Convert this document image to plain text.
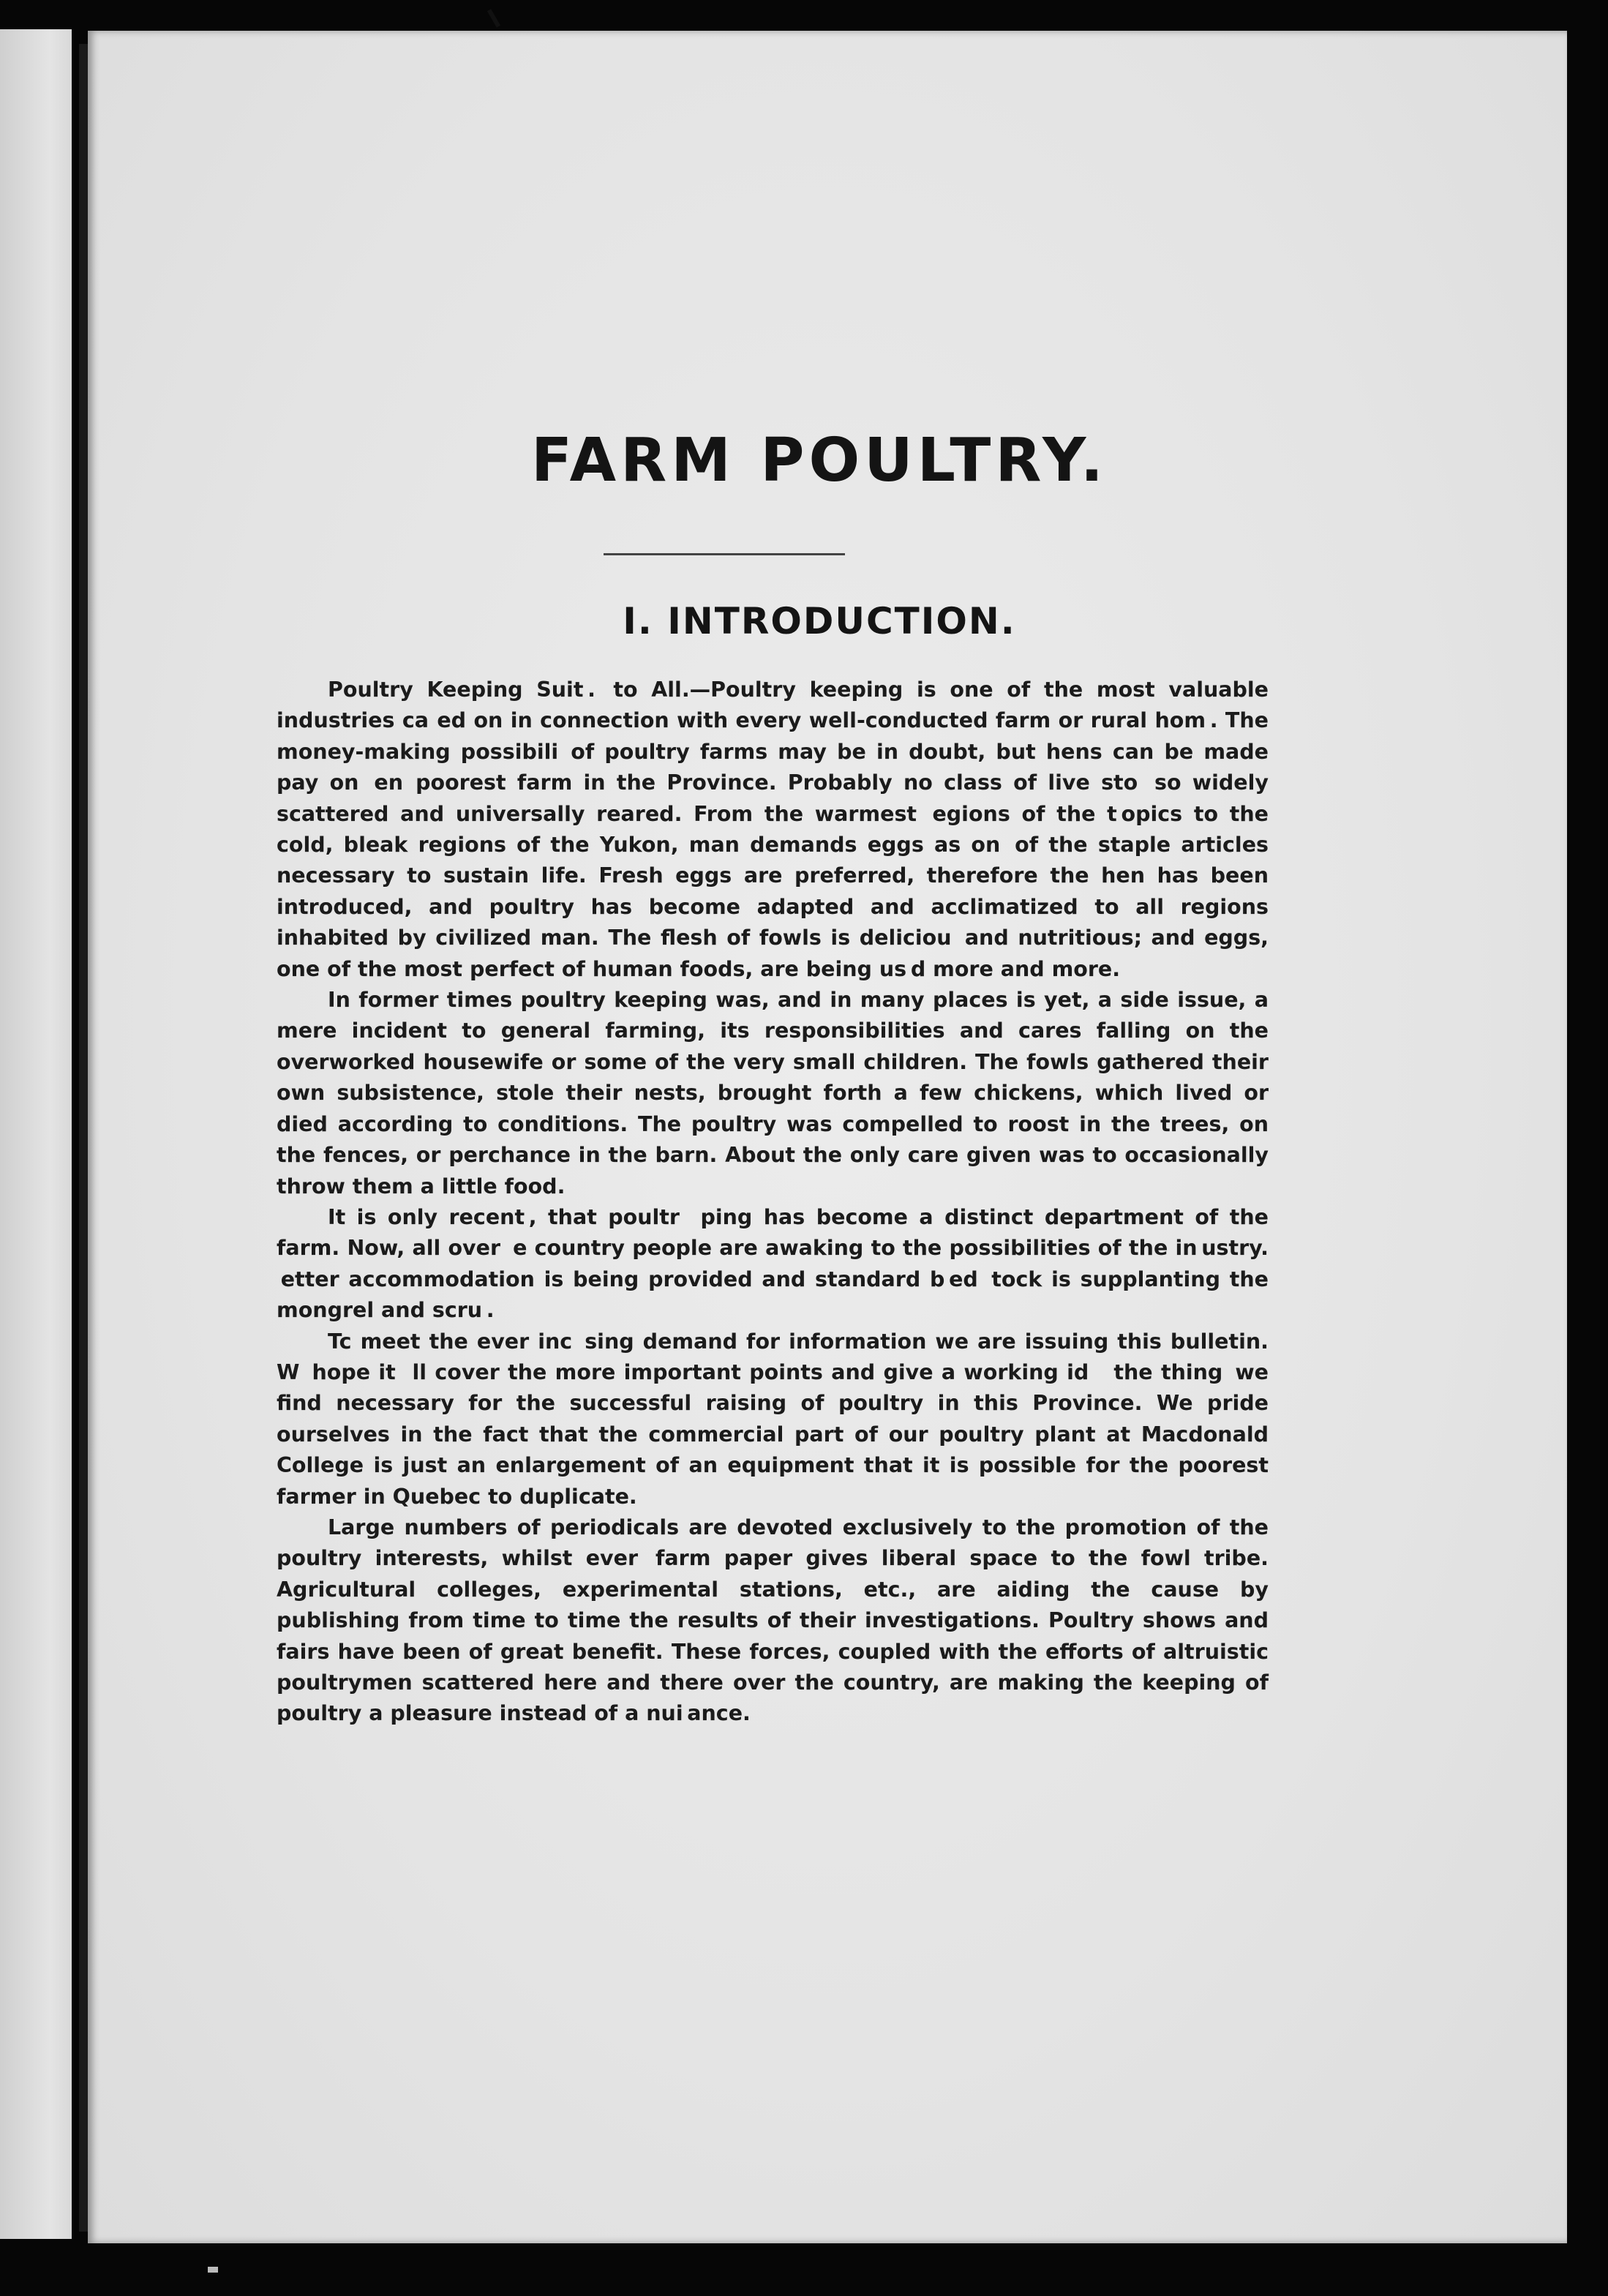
FARM POULTRY.
I. INTRODUCTION.

Poultry Keeping Suit .  to All.—Poultry keeping is one of the most valuable industries ca  ed on in connection with every well-conducted farm or rural hom . The money-making possibili   of poultry farms may be in doubt, but hens can be made pay on  en   poorest farm in the Province. Probably no class of live sto    so widely scattered and universally reared. From the warmest  egions of the t opics to the cold, bleak regions of the Yukon, man demands eggs as on  of the staple articles necessary to sustain life. Fresh eggs are preferred, therefore the hen has been introduced, and poultry has become adapted and acclimatized to all regions inhabited by civilized man. The flesh of fowls is deliciou  and nutritious; and eggs, one of the most perfect of human foods, are being us d more and more.

In former times poultry keeping was, and in many places is yet, a side issue, a mere incident to general farming, its responsibilities and cares falling on the overworked housewife or some of the very small children. The fowls gathered their own subsistence, stole their nests, brought forth a few chickens, which lived or died according to conditions. The poultry was compelled to roost in the trees, on the fences, or perchance in the barn. About the only care given was to occasionally throw them a little food.

It is only recent , that poultr     ping has become a distinct department of the farm. Now, all over   e country people are awaking to the possibilities of the in ustry.  etter accommodation is being provided and standard b ed  tock is supplanting the mongrel and scru .

Tc meet the ever inc   sing demand for information we are issuing this bulletin. W  hope it   ll cover the more important points and give a working id     the thing  we find necessary for the successful raising of poultry in this Province. We pride ourselves in the fact that the commercial part of our poultry plant at Macdonald College is just an enlargement of an equipment that it is possible for the poorest farmer in Quebec to duplicate.

Large numbers of periodicals are devoted exclusively to the promotion of the poultry interests, whilst ever  farm paper gives liberal space to the fowl tribe. Agricultural colleges, experimental stations, etc., are aiding the cause by publishing from time to time the results of their investigations. Poultry shows and fairs have been of great benefit. These forces, coupled with the efforts of altruistic poultrymen scattered here and there over the country, are making the keeping of poultry a pleasure instead of a nui ance.
